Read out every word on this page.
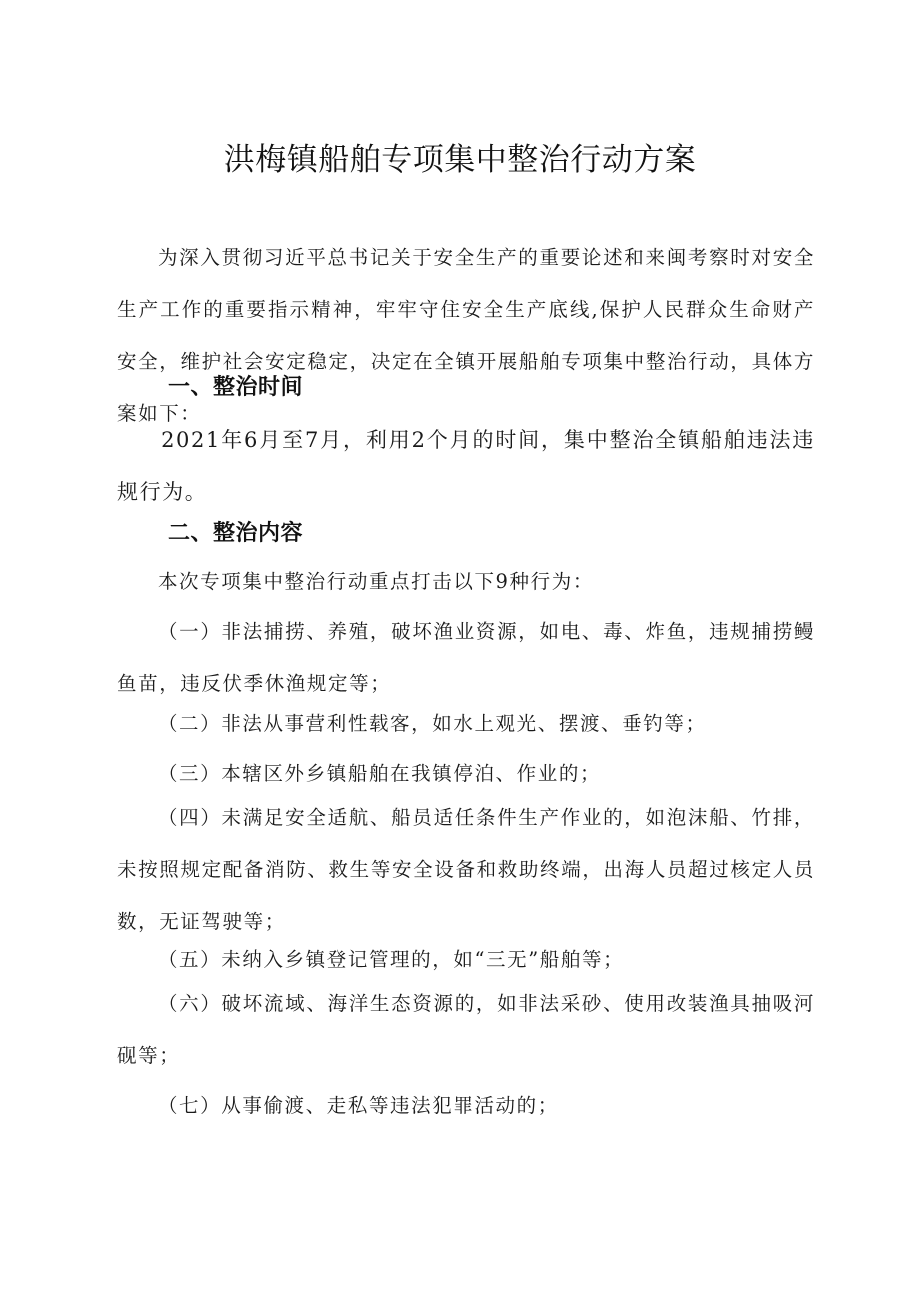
洪梅镇船舶专项集中整治行动方案
为深入贯彻习近平总书记关于安全生产的重要论述和来闽考察时对安全生产工作的重要指示精神，牢牢守住安全生产底线,保护人民群众生命财产安全，维护社会安定稳定，决定在全镇开展船舶专项集中整治行动，具体方案如下：
一、整治时间
2021年6月至7月，利用2个月的时间，集中整治全镇船舶违法违规行为。
二、整治内容
本次专项集中整治行动重点打击以下9种行为：
（一）非法捕捞、养殖，破坏渔业资源，如电、毒、炸鱼，违规捕捞鳗鱼苗，违反伏季休渔规定等；
（二）非法从事营利性载客，如水上观光、摆渡、垂钓等；
（三）本辖区外乡镇船舶在我镇停泊、作业的；
（四）未满足安全适航、船员适任条件生产作业的，如泡沫船、竹排，未按照规定配备消防、救生等安全设备和救助终端，出海人员超过核定人员数，无证驾驶等；
（五）未纳入乡镇登记管理的，如“三无”船舶等；
（六）破坏流域、海洋生态资源的，如非法采砂、使用改装渔具抽吸河砚等；
（七）从事偷渡、走私等违法犯罪活动的；
